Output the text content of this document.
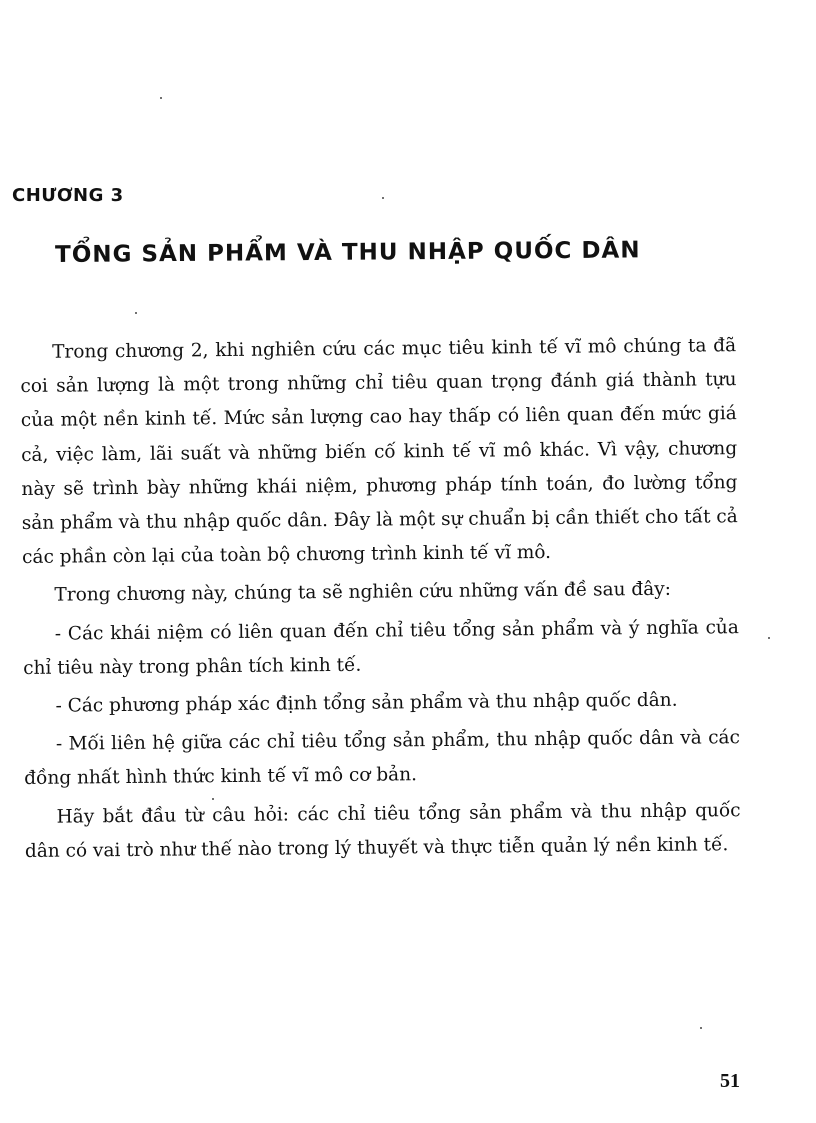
CHƯƠNG 3
TỔNG SẢN PHẨM VÀ THU NHẬP QUỐC DÂN

Trong chương 2, khi nghiên cứu các mục tiêu kinh tế vĩ mô chúng ta đã coi sản lượng là một trong những chỉ tiêu quan trọng đánh giá thành tựu của một nền kinh tế. Mức sản lượng cao hay thấp có liên quan đến mức giá cả, việc làm, lãi suất và những biến cố kinh tế vĩ mô khác. Vì vậy, chương này sẽ trình bày những khái niệm, phương pháp tính toán, đo lường tổng sản phẩm và thu nhập quốc dân. Đây là một sự chuẩn bị cần thiết cho tất cả các phần còn lại của toàn bộ chương trình kinh tế vĩ mô.

Trong chương này, chúng ta sẽ nghiên cứu những vấn đề sau đây:

- Các khái niệm có liên quan đến chỉ tiêu tổng sản phẩm và ý nghĩa của chỉ tiêu này trong phân tích kinh tế.

- Các phương pháp xác định tổng sản phẩm và thu nhập quốc dân.

- Mối liên hệ giữa các chỉ tiêu tổng sản phẩm, thu nhập quốc dân và các đồng nhất hình thức kinh tế vĩ mô cơ bản.

Hãy bắt đầu từ câu hỏi: các chỉ tiêu tổng sản phẩm và thu nhập quốc dân có vai trò như thế nào trong lý thuyết và thực tiễn quản lý nền kinh tế.

51
